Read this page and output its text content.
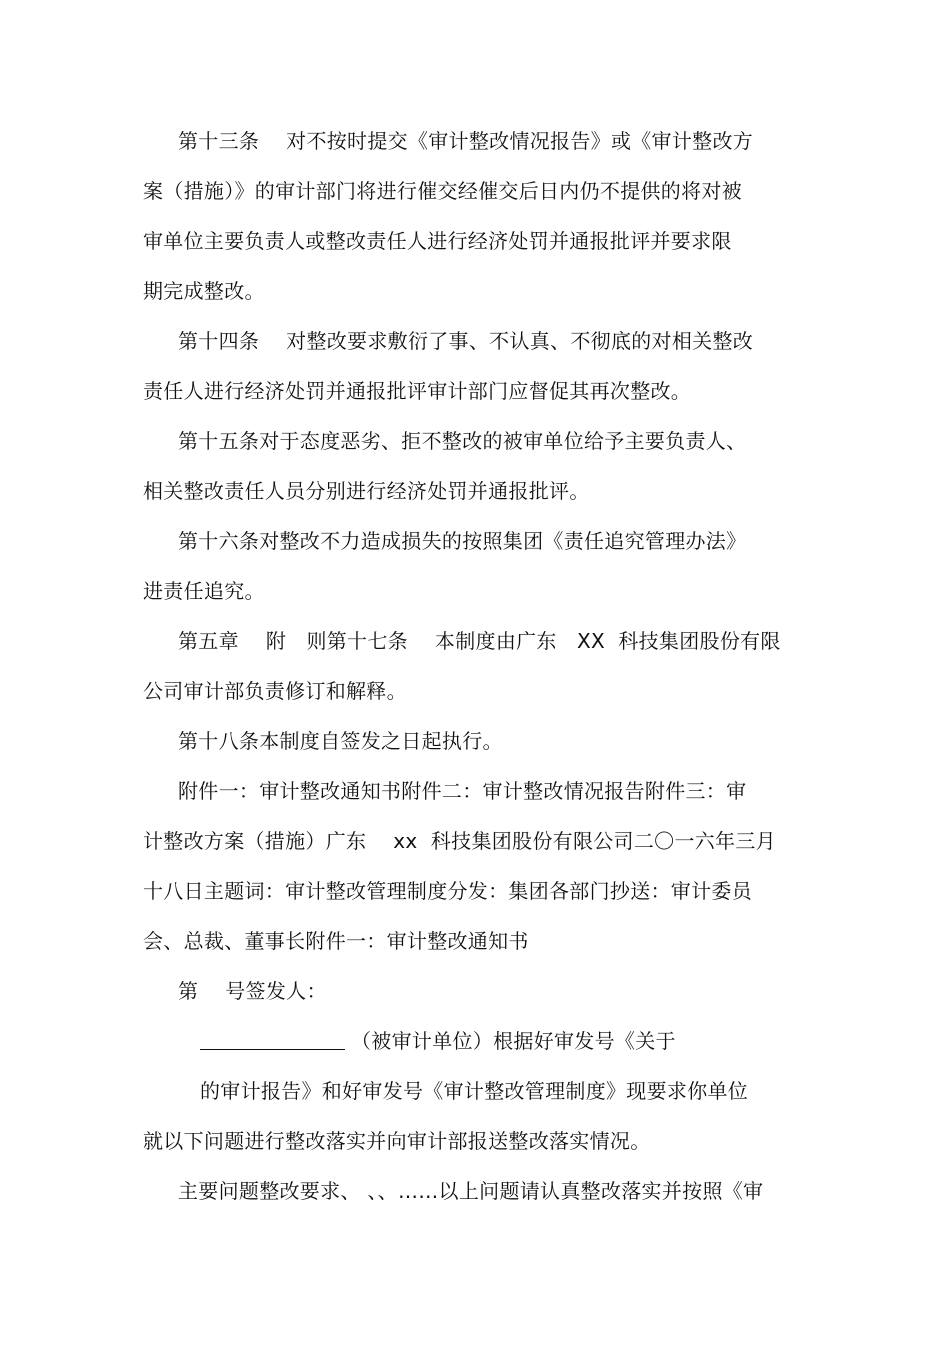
第十三条　 对不按时提交《审计整改情况报告》或《审计整改方
案（措施）》的审计部门将进行催交经催交后日内仍不提供的将对被
审单位主要负责人或整改责任人进行经济处罚并通报批评并要求限
期完成整改。
第十四条　 对整改要求敷衍了事、不认真、不彻底的对相关整改
责任人进行经济处罚并通报批评审计部门应督促其再次整改。
第十五条对于态度恶劣、拒不整改的被审单位给予主要负责人、
相关整改责任人员分别进行经济处罚并通报批评。
第十六条对整改不力造成损失的按照集团《责任追究管理办法》
进责任追究。
第五章　 附　则第十七条　 本制度由广东　XX  科技集团股份有限
公司审计部负责修订和解释。
第十八条本制度自签发之日起执行。
附件一：审计整改通知书附件二：审计整改情况报告附件三：审
计整改方案（措施）广东　 xx  科技集团股份有限公司二〇一六年三月
十八日主题词：审计整改管理制度分发：集团各部门抄送：审计委员
会、总裁、董事长附件一：审计整改通知书
第　 号签发人：
（被审计单位）根据好审发号《关于
的审计报告》和好审发号《审计整改管理制度》现要求你单位
就以下问题进行整改落实并向审计部报送整改落实情况。
主要问题整改要求、 、、……以上问题请认真整改落实并按照《审
